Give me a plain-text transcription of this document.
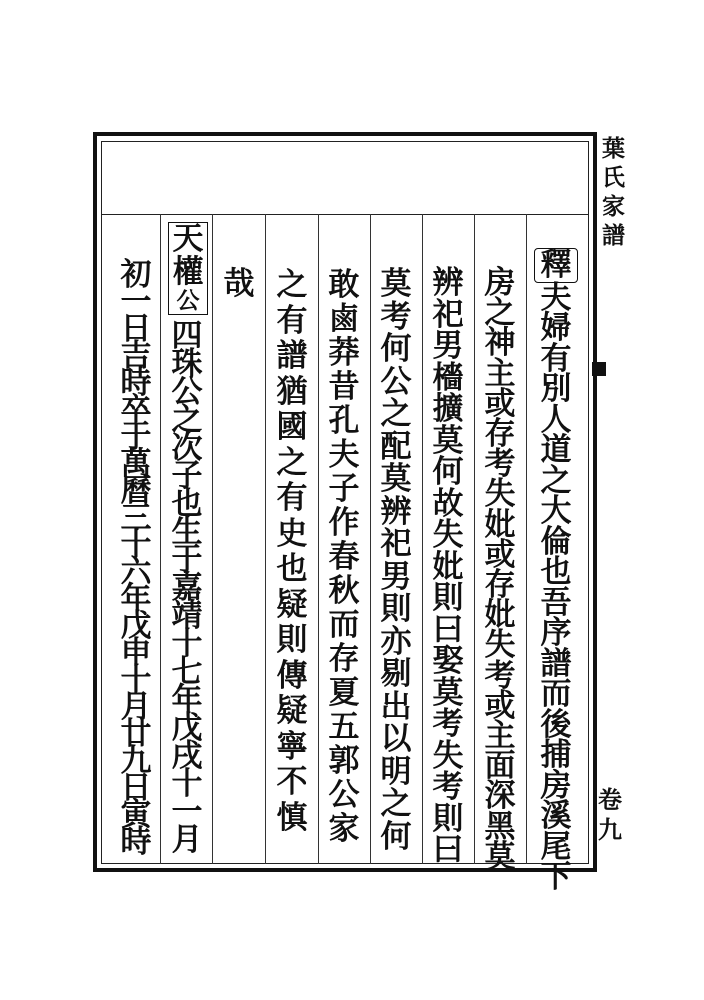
葉
氏
家
譜
卷
九
釋
夫
婦
有
別
人
道
之
大
倫
也
吾
序
譜
而
後
捕
房
溪
尾
下
房
之
神
主
或
存
考
失
妣
或
存
妣
失
考
或
主
面
深
黑
莫
辨
祀
男
檣
擴
莫
何
故
失
妣
則
曰
娶
莫
考
失
考
則
曰
莫
考
何
公
之
配
莫
辨
祀
男
則
亦
剔
出
以
明
之
何
敢
鹵
莽
昔
孔
夫
子
作
春
秋
而
存
夏
五
郭
公
家
之
有
譜
猶
國
之
有
史
也
疑
則
傳
疑
寧
不
慎
哉
天
權
公
四
珠
公
之
次
子
也
生
于
嘉
靖
十
七
年
戊
戌
十
一
月
初
一
日
吉
時
卒
于
萬
曆
三
十
六
年
戊
申
十
月
廿
九
日
寅
時
